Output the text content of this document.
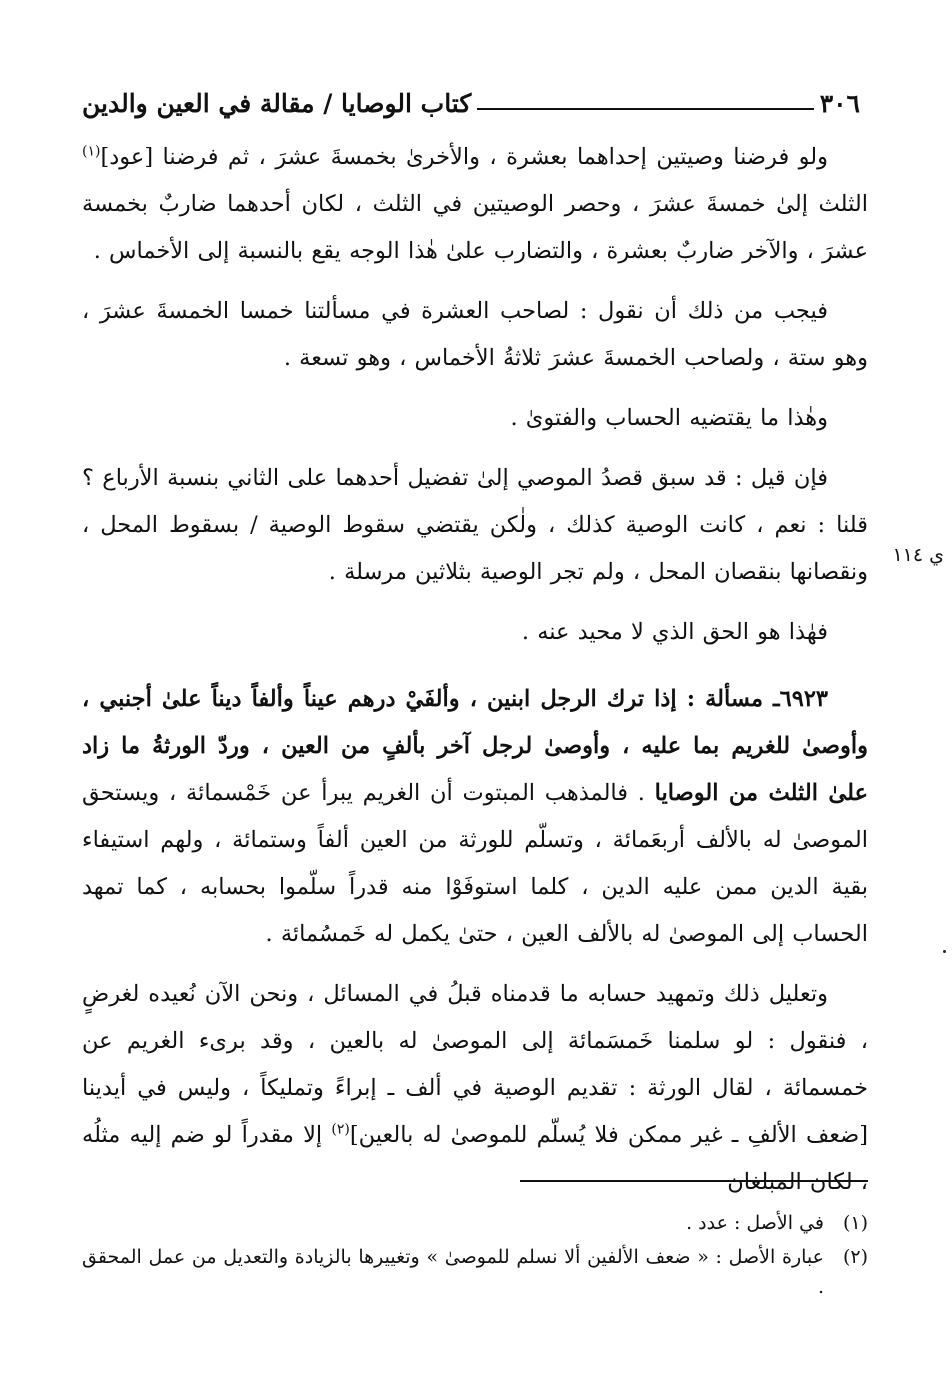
٣٠٦
كتاب الوصايا / مقالة في العين والدين

ولو فرضنا وصيتين إحداهما بعشرة ، والأخرىٰ بخمسةَ عشرَ ، ثم فرضنا [عود]$^{(١)}$ الثلث إلىٰ خمسةَ عشرَ ، وحصر الوصيتين في الثلث ، لكان أحدهما ضاربٌ بخمسة عشرَ ، والآخر ضاربٌ بعشرة ، والتضارب علىٰ هٰذا الوجه يقع بالنسبة إلى الأخماس .

فيجب من ذلك أن نقول : لصاحب العشرة في مسألتنا خمسا الخمسةَ عشرَ ، وهو ستة ، ولصاحب الخمسةَ عشرَ ثلاثةُ الأخماس ، وهو تسعة .

وهٰذا ما يقتضيه الحساب والفتوىٰ .

فإن قيل : قد سبق قصدُ الموصي إلىٰ تفضيل أحدهما على الثاني بنسبة الأرباع ؟ قلنا : نعم ، كانت الوصية كذلك ، ولٰكن يقتضي سقوط الوصية / بسقوط المحل ، ونقصانها بنقصان المحل ، ولم تجر الوصية بثلاثين مرسلة .

فهٰذا هو الحق الذي لا محيد عنه .

٦٩٢٣ـ مسألة : إذا ترك الرجل ابنين ، وألفَيْ درهم عيناً وألفاً ديناً علىٰ أجنبي ، وأوصىٰ للغريم بما عليه ، وأوصىٰ لرجل آخر بألفٍ من العين ، وردّ الورثةُ ما زاد علىٰ الثلث من الوصايا . فالمذهب المبتوت أن الغريم يبرأ عن خَمْسمائة ، ويستحق الموصىٰ له بالألف أربعَمائة ، وتسلّم للورثة من العين ألفاً وستمائة ، ولهم استيفاء بقية الدين ممن عليه الدين ، كلما استوفَوْا منه قدراً سلّموا بحسابه ، كما تمهد الحساب إلى الموصىٰ له بالألف العين ، حتىٰ يكمل له خَمسُمائة .

وتعليل ذلك وتمهيد حسابه ما قدمناه قبلُ في المسائل ، ونحن الآن نُعيده لغرضٍ ، فنقول : لو سلمنا خَمسَمائة إلى الموصىٰ له بالعين ، وقد برىء الغريم عن خمسمائة ، لقال الورثة : تقديم الوصية في ألف ـ إبراءً وتمليكاً ، وليس في أيدينا [ضعف الألفِ ـ غير ممكن فلا يُسلّم للموصىٰ له بالعين]$^{(٢)}$ إلا مقدراً لو ضم إليه مثلُه ، لكان المبلغان

ي ١١٤
(١)
في الأصل : عدد .
(٢)
عبارة الأصل : « ضعف الألفين ألا نسلم للموصىٰ » وتغييرها بالزيادة والتعديل من عمل المحقق .
